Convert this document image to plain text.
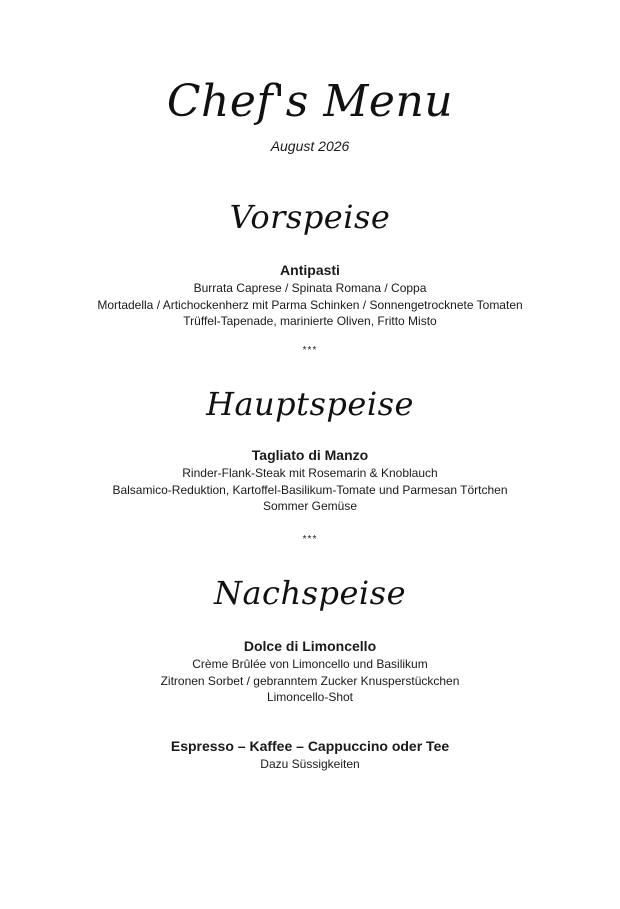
Chef's Menu
August 2026
Vorspeise
Antipasti
Burrata Caprese / Spinata Romana / Coppa
Mortadella / Artichockenherz mit Parma Schinken / Sonnengetrocknete Tomaten
Trüffel-Tapenade, marinierte Oliven, Fritto Misto
***
Hauptspeise
Tagliato di Manzo
Rinder-Flank-Steak mit Rosemarin & Knoblauch
Balsamico-Reduktion, Kartoffel-Basilikum-Tomate und Parmesan Törtchen
Sommer Gemüse
***
Nachspeise
Dolce di Limoncello
Crème Brûlée von Limoncello und Basilikum
Zitronen Sorbet / gebranntem Zucker Knusperstückchen
Limoncello-Shot
Espresso – Kaffee – Cappuccino oder Tee
Dazu Süssigkeiten
